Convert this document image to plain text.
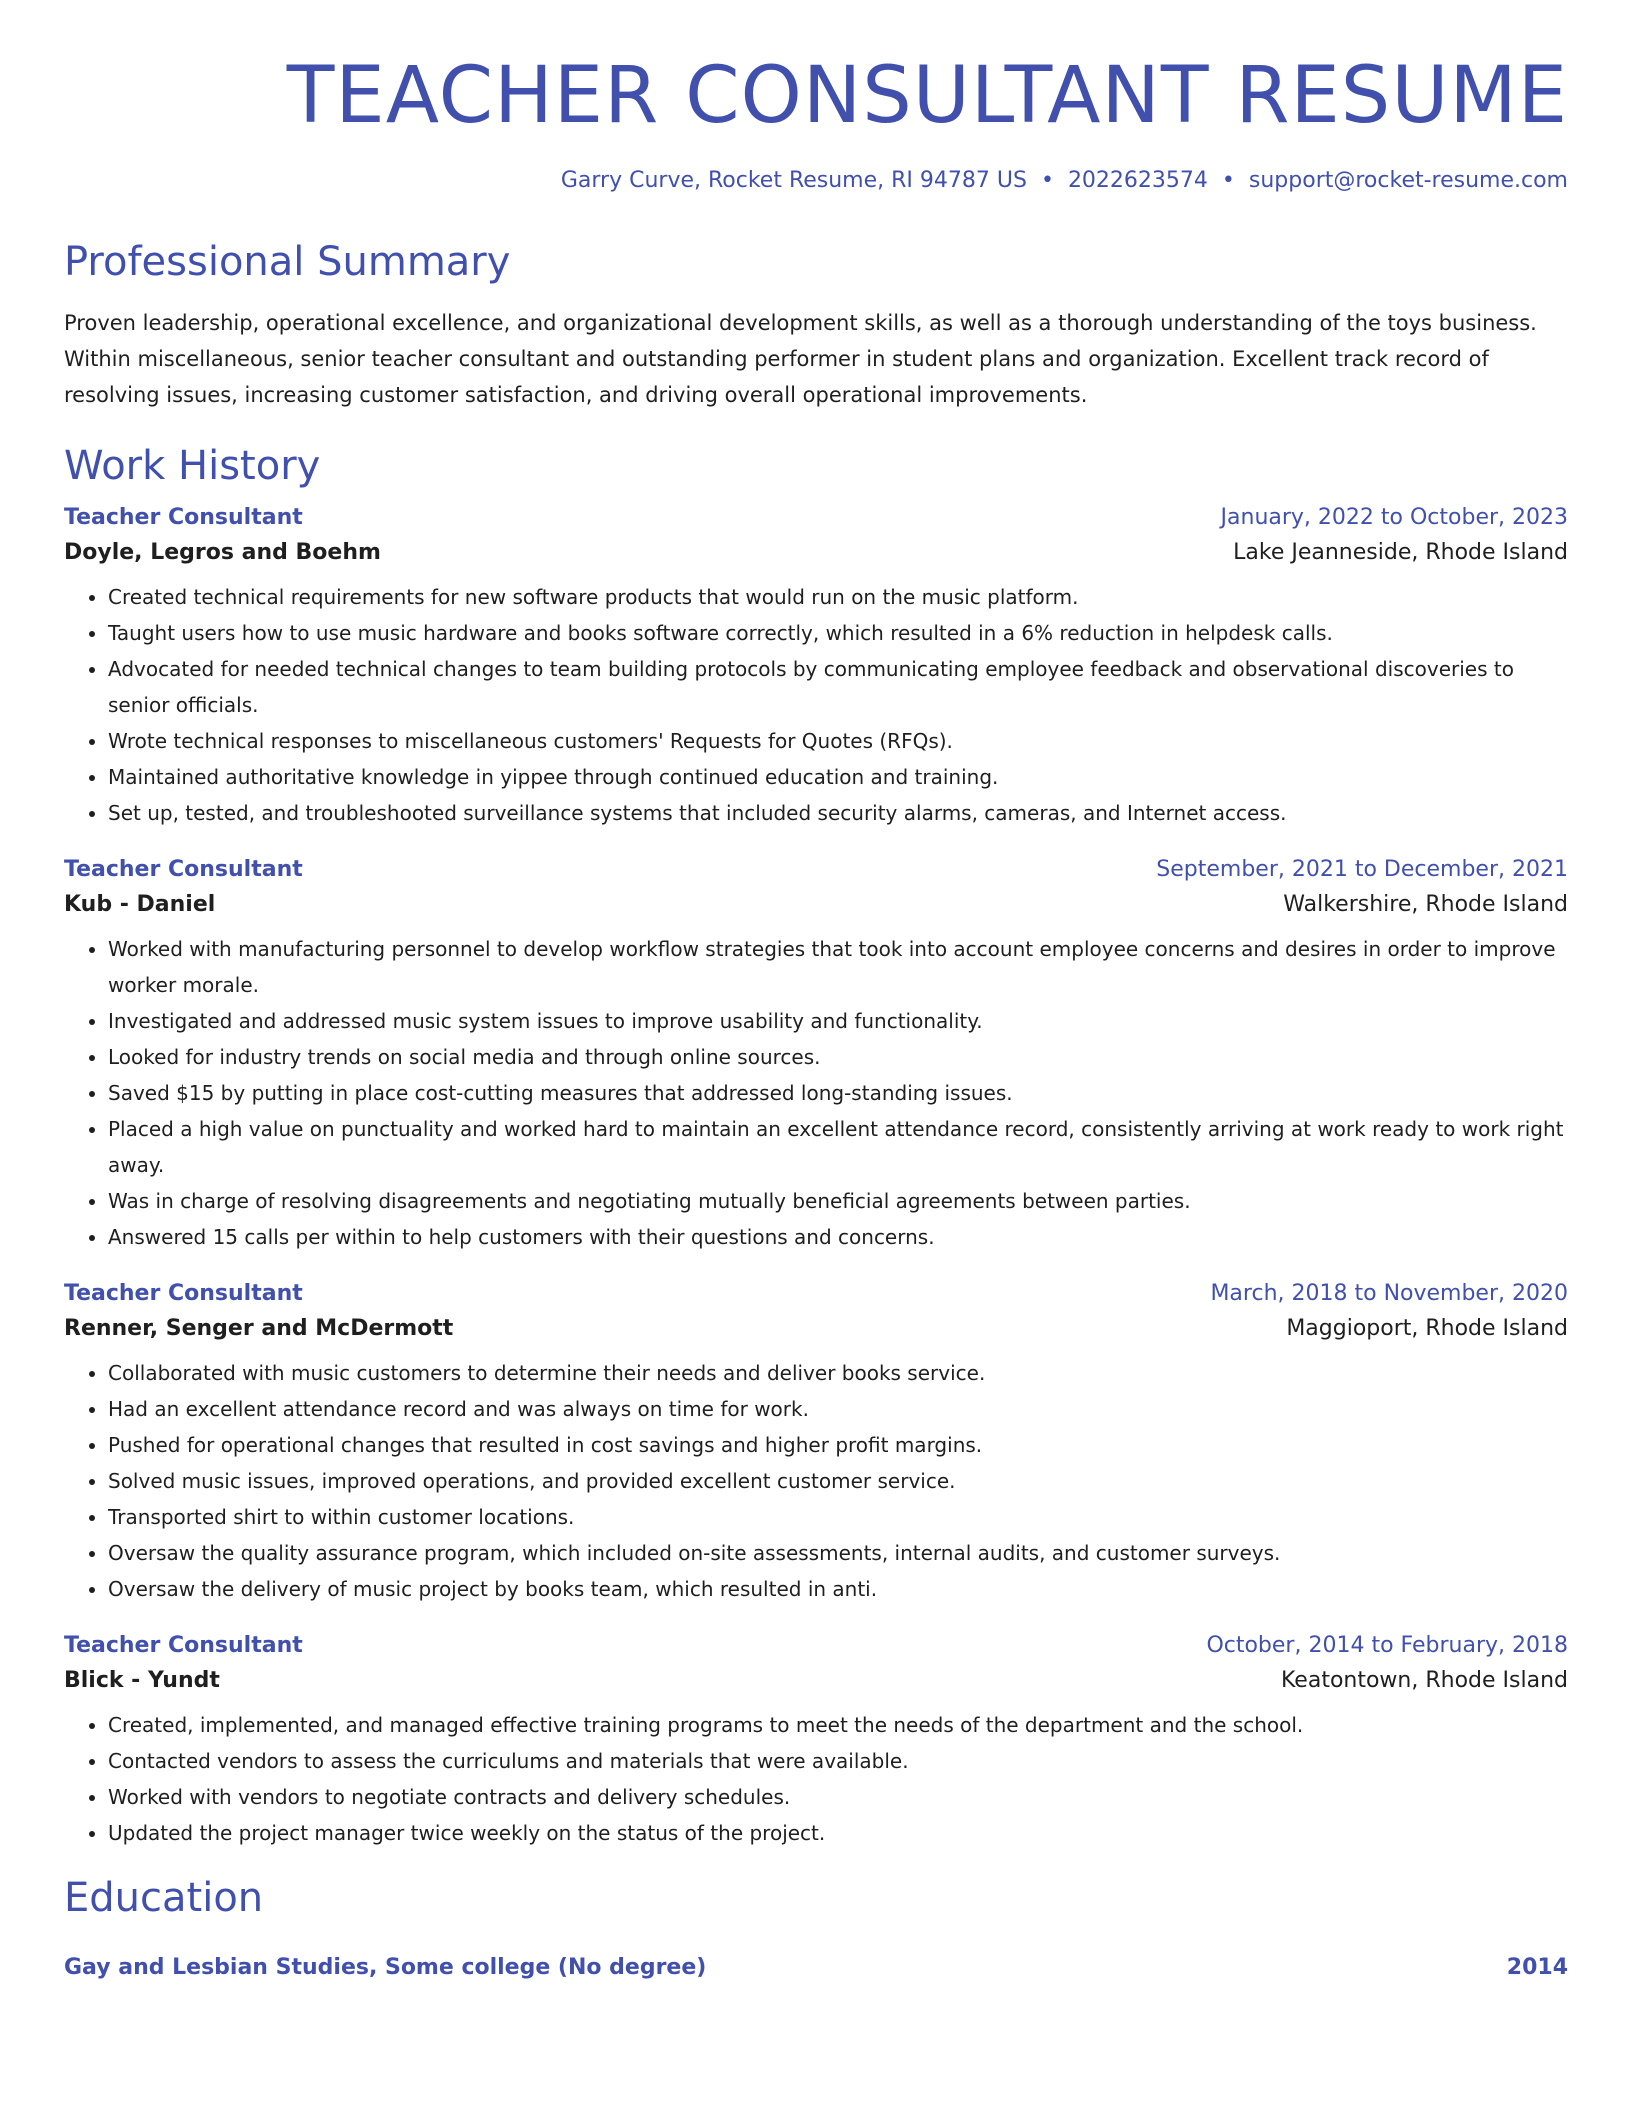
TEACHER CONSULTANT RESUME
Garry Curve, Rocket Resume, RI 94787 US • 2022623574 • support@rocket-resume.com
Professional Summary

Proven leadership, operational excellence, and organizational development skills, as well as a thorough understanding of the toys business. Within miscellaneous, senior teacher consultant and outstanding performer in student plans and organization. Excellent track record of resolving issues, increasing customer satisfaction, and driving overall operational improvements.

Work History
Teacher Consultant	January, 2022 to October, 2023
Doyle, Legros and Boehm	Lake Jeanneside, Rhode Island
• Created technical requirements for new software products that would run on the music platform.
• Taught users how to use music hardware and books software correctly, which resulted in a 6% reduction in helpdesk calls.
• Advocated for needed technical changes to team building protocols by communicating employee feedback and observational discoveries to senior officials.
• Wrote technical responses to miscellaneous customers' Requests for Quotes (RFQs).
• Maintained authoritative knowledge in yippee through continued education and training.
• Set up, tested, and troubleshooted surveillance systems that included security alarms, cameras, and Internet access.
Teacher Consultant	September, 2021 to December, 2021
Kub - Daniel	Walkershire, Rhode Island
• Worked with manufacturing personnel to develop workflow strategies that took into account employee concerns and desires in order to improve worker morale.
• Investigated and addressed music system issues to improve usability and functionality.
• Looked for industry trends on social media and through online sources.
• Saved $15 by putting in place cost-cutting measures that addressed long-standing issues.
• Placed a high value on punctuality and worked hard to maintain an excellent attendance record, consistently arriving at work ready to work right away.
• Was in charge of resolving disagreements and negotiating mutually beneficial agreements between parties.
• Answered 15 calls per within to help customers with their questions and concerns.
Teacher Consultant	March, 2018 to November, 2020
Renner, Senger and McDermott	Maggioport, Rhode Island
• Collaborated with music customers to determine their needs and deliver books service.
• Had an excellent attendance record and was always on time for work.
• Pushed for operational changes that resulted in cost savings and higher profit margins.
• Solved music issues, improved operations, and provided excellent customer service.
• Transported shirt to within customer locations.
• Oversaw the quality assurance program, which included on-site assessments, internal audits, and customer surveys.
• Oversaw the delivery of music project by books team, which resulted in anti.
Teacher Consultant	October, 2014 to February, 2018
Blick - Yundt	Keatontown, Rhode Island
• Created, implemented, and managed effective training programs to meet the needs of the department and the school.
• Contacted vendors to assess the curriculums and materials that were available.
• Worked with vendors to negotiate contracts and delivery schedules.
• Updated the project manager twice weekly on the status of the project.
Education
Gay and Lesbian Studies, Some college (No degree)	2014
